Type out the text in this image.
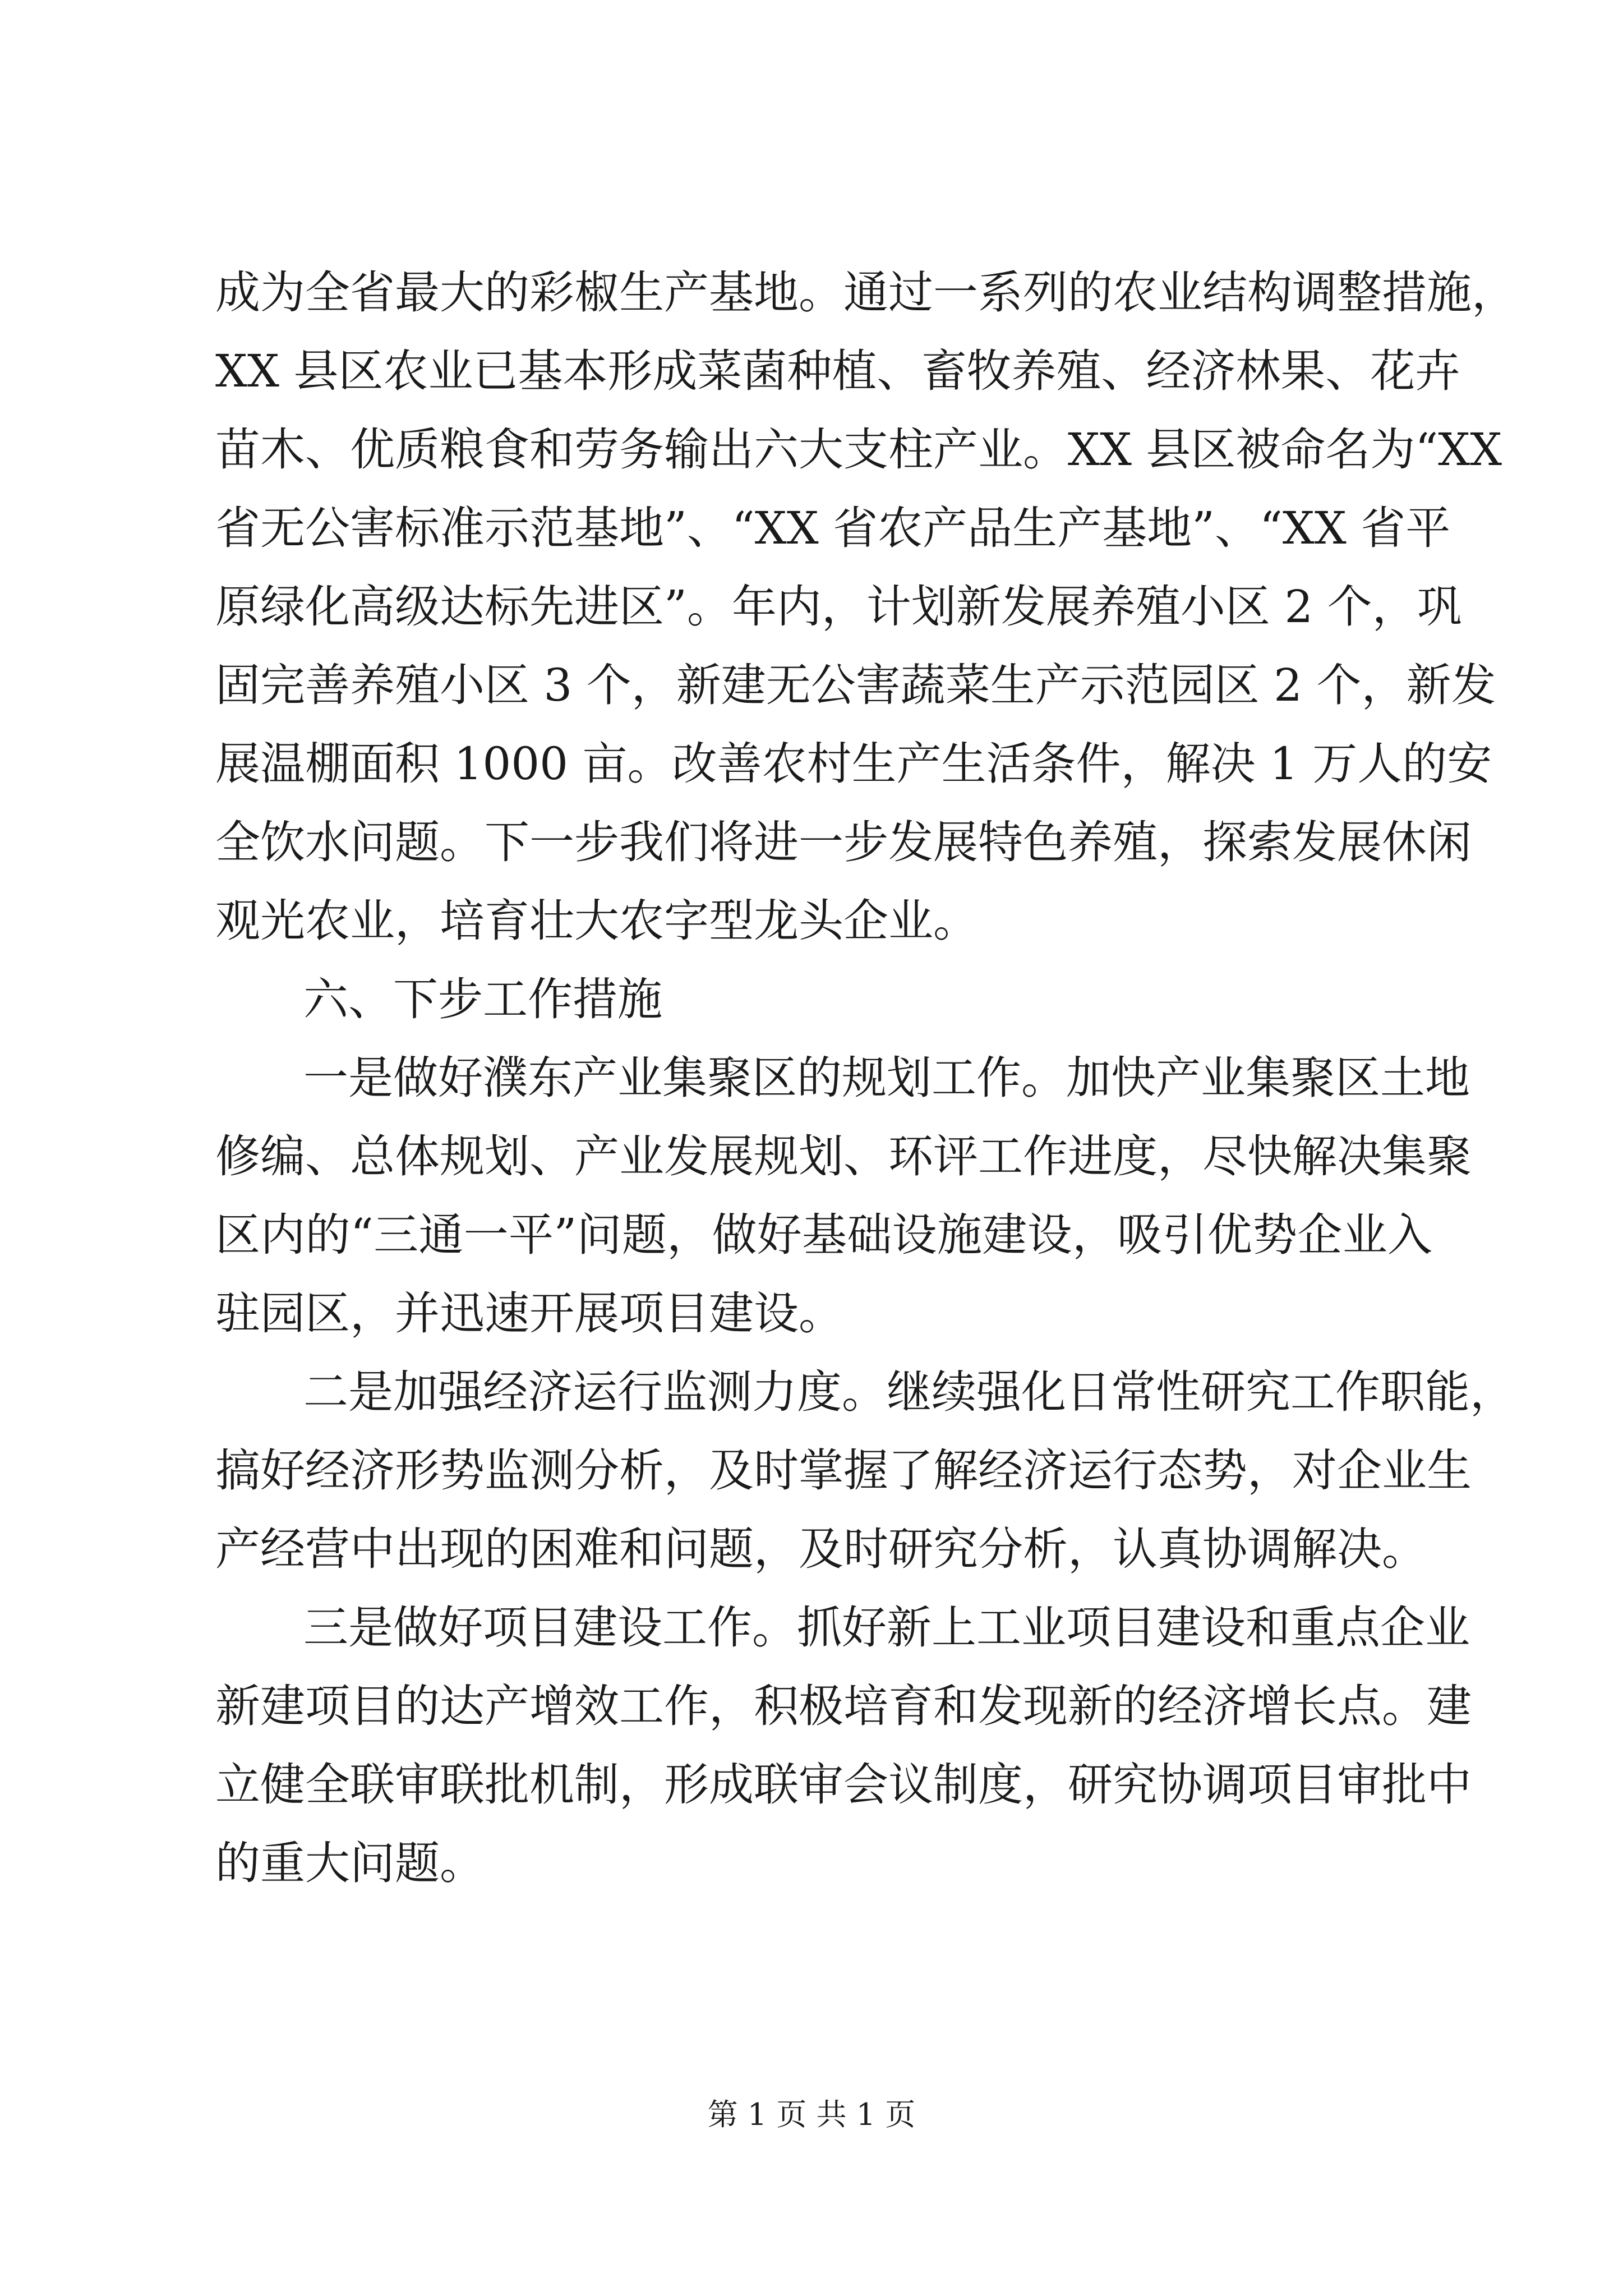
成为全省最大的彩椒生产基地。通过一系列的农业结构调整措施，
XX 县区农业已基本形成菜菌种植、畜牧养殖、经济林果、花卉
苗木、优质粮食和劳务输出六大支柱产业。XX 县区被命名为“XX
省无公害标准示范基地”、“XX 省农产品生产基地”、“XX 省平
原绿化高级达标先进区”。年内，计划新发展养殖小区 2 个，巩
固完善养殖小区 3 个，新建无公害蔬菜生产示范园区 2 个，新发
展温棚面积 1000 亩。改善农村生产生活条件，解决 1 万人的安
全饮水问题。下一步我们将进一步发展特色养殖，探索发展休闲
观光农业，培育壮大农字型龙头企业。
六、下步工作措施
一是做好濮东产业集聚区的规划工作。加快产业集聚区土地
修编、总体规划、产业发展规划、环评工作进度，尽快解决集聚
区内的“三通一平”问题，做好基础设施建设，吸引优势企业入
驻园区，并迅速开展项目建设。
二是加强经济运行监测力度。继续强化日常性研究工作职能，
搞好经济形势监测分析，及时掌握了解经济运行态势，对企业生
产经营中出现的困难和问题，及时研究分析，认真协调解决。
三是做好项目建设工作。抓好新上工业项目建设和重点企业
新建项目的达产增效工作，积极培育和发现新的经济增长点。建
立健全联审联批机制，形成联审会议制度，研究协调项目审批中
的重大问题。
第 1 页 共 1 页
